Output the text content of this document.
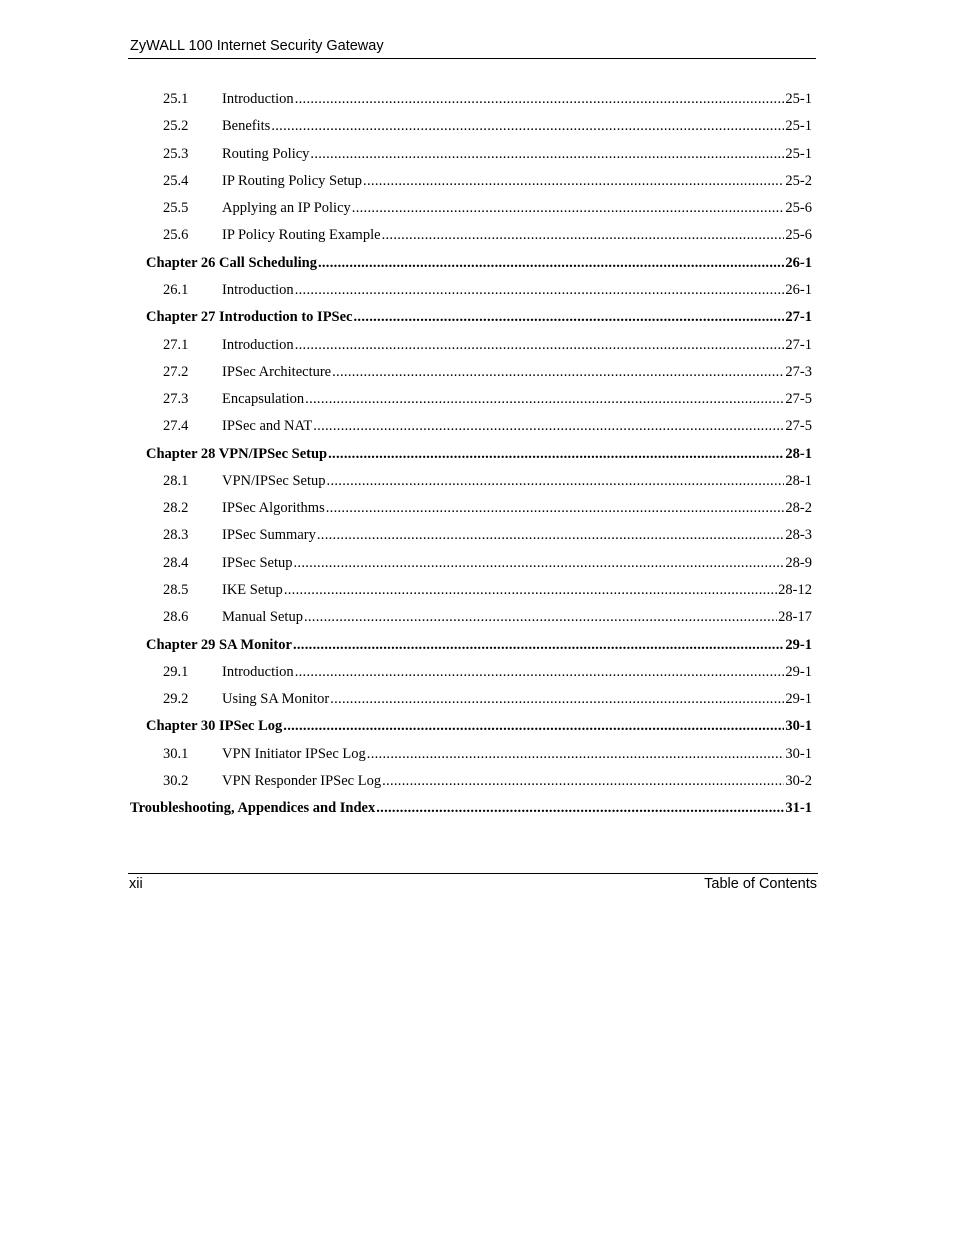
ZyWALL 100 Internet Security Gateway
25.1 Introduction .....	25-1
25.2 Benefits .....	25-1
25.3 Routing Policy .....	25-1
25.4 IP Routing Policy Setup .....	25-2
25.5 Applying an IP Policy .....	25-6
25.6 IP Policy Routing Example .....	25-6
Chapter 26 Call Scheduling .....	26-1
26.1 Introduction .....	26-1
Chapter 27 Introduction to IPSec .....	27-1
27.1 Introduction .....	27-1
27.2 IPSec Architecture .....	27-3
27.3 Encapsulation .....	27-5
27.4 IPSec and NAT .....	27-5
Chapter 28 VPN/IPSec Setup .....	28-1
28.1 VPN/IPSec Setup .....	28-1
28.2 IPSec Algorithms .....	28-2
28.3 IPSec Summary .....	28-3
28.4 IPSec Setup .....	28-9
28.5 IKE Setup .....	28-12
28.6 Manual Setup .....	28-17
Chapter 29 SA Monitor .....	29-1
29.1 Introduction .....	29-1
29.2 Using SA Monitor .....	29-1
Chapter 30 IPSec Log .....	30-1
30.1 VPN Initiator IPSec Log .....	30-1
30.2 VPN Responder IPSec Log .....	30-2
Troubleshooting, Appendices and Index .....	31-1
xii	Table of Contents
